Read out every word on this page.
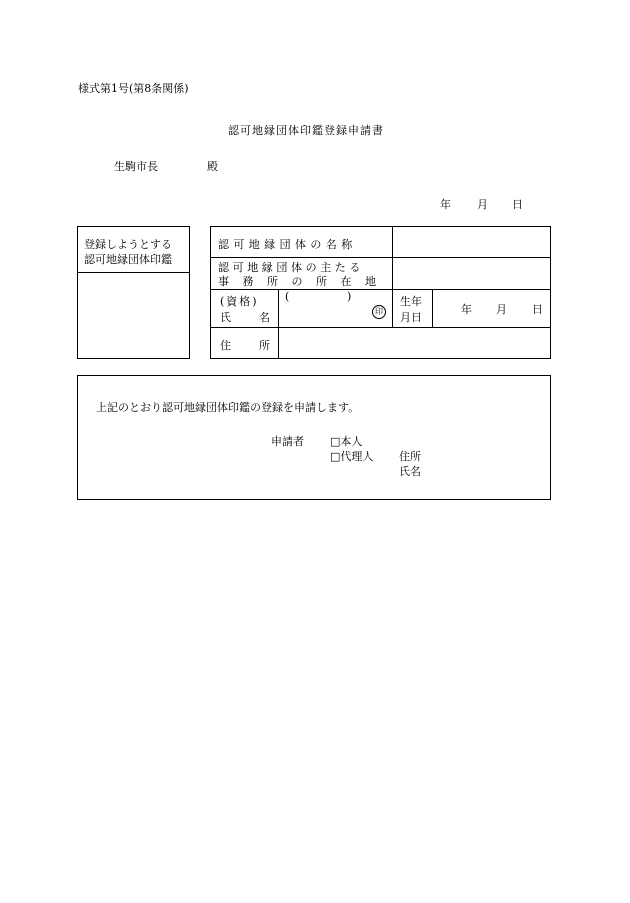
様式第1号(第8条関係)
認可地縁団体印鑑登録申請書
生駒市長	殿
年 月 日
登録しようとする
認可地縁団体印鑑
認可地縁団体の名称
認可地縁団体の主たる
事務所の所在地
(資格)
氏名
(	)
印
生年
月日
年 月 日
住所
上記のとおり認可地縁団体印鑑の登録を申請します。
申請者 □本人
□代理人 住所
氏名
